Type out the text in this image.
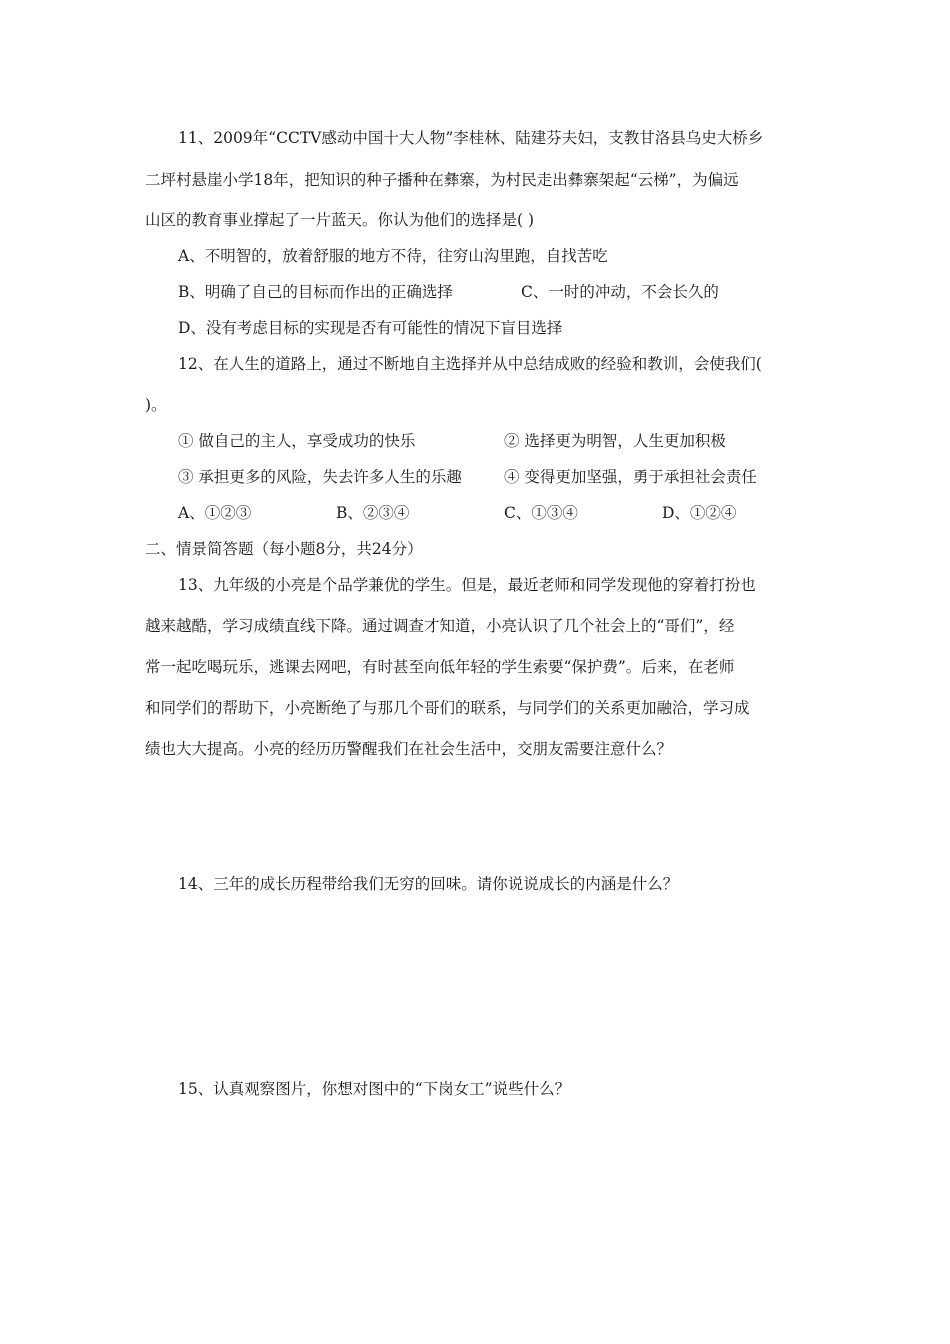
11、2009年“CCTV感动中国十大人物”李桂林、陆建芬夫妇，支教甘洛县乌史大桥乡
二坪村悬崖小学18年，把知识的种子播种在彝寨，为村民走出彝寨架起“云梯”，为偏远
山区的教育事业撑起了一片蓝天。你认为他们的选择是( )
A、不明智的，放着舒服的地方不待，往穷山沟里跑，自找苦吃
B、明确了自己的目标而作出的正确选择	C、一时的冲动，不会长久的
D、没有考虑目标的实现是否有可能性的情况下盲目选择
12、在人生的道路上，通过不断地自主选择并从中总结成败的经验和教训，会使我们(
)。
① 做自己的主人，享受成功的快乐	② 选择更为明智，人生更加积极
③ 承担更多的风险，失去许多人生的乐趣	④ 变得更加坚强，勇于承担社会责任
A、①②③	B、②③④	C、①③④	D、①②④
二、情景简答题（每小题8分，共24分）
13、九年级的小亮是个品学兼优的学生。但是，最近老师和同学发现他的穿着打扮也
越来越酷，学习成绩直线下降。通过调查才知道，小亮认识了几个社会上的“哥们”，经
常一起吃喝玩乐，逃课去网吧，有时甚至向低年轻的学生索要“保护费”。后来，在老师
和同学们的帮助下，小亮断绝了与那几个哥们的联系，与同学们的关系更加融洽，学习成
绩也大大提高。小亮的经历历警醒我们在社会生活中，交朋友需要注意什么？
14、三年的成长历程带给我们无穷的回味。请你说说成长的内涵是什么？
15、认真观察图片，你想对图中的“下岗女工”说些什么？
